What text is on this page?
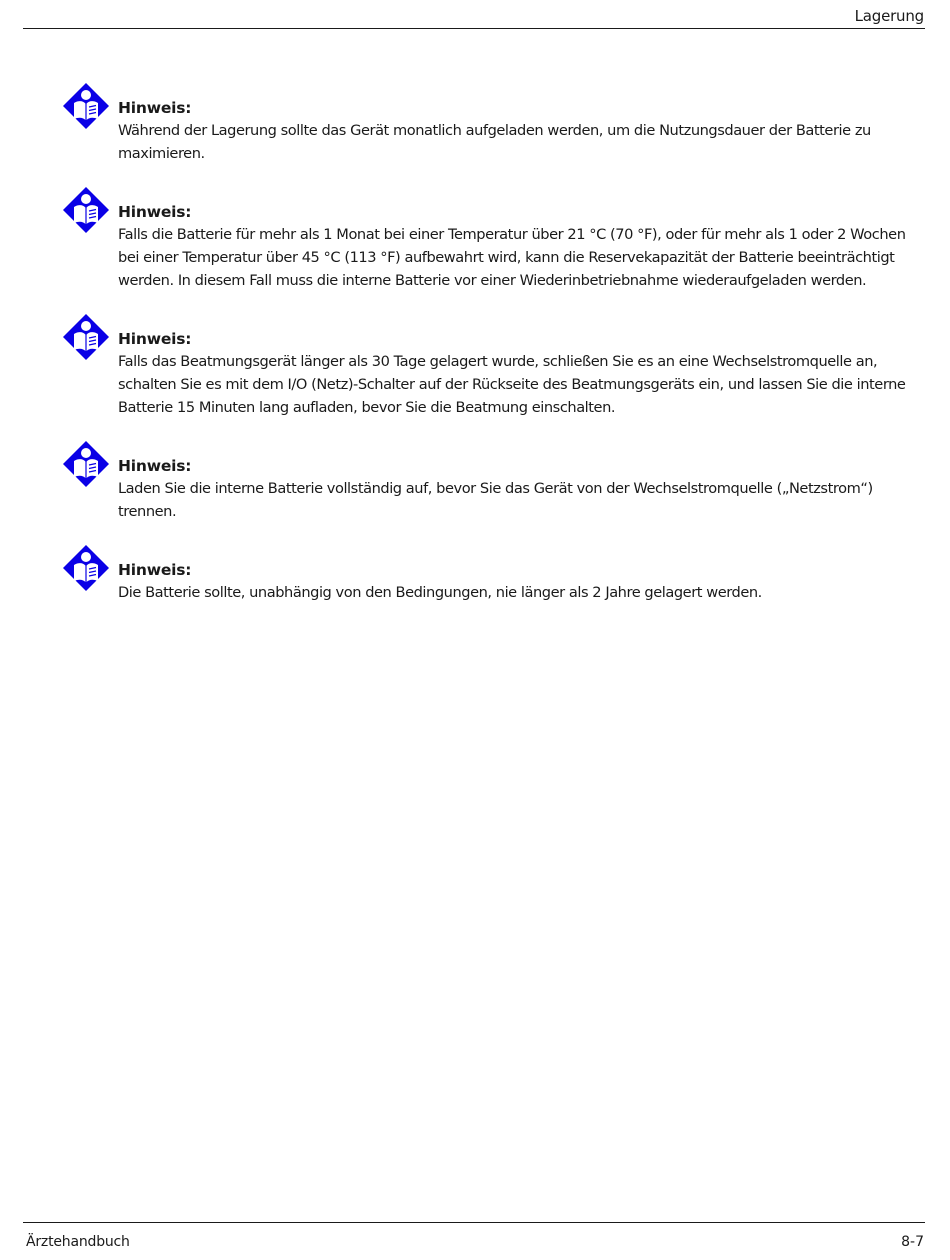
Lagerung
Hinweis:
Während der Lagerung sollte das Gerät monatlich aufgeladen werden, um die Nutzungsdauer der Batterie zu maximieren.
Hinweis:
Falls die Batterie für mehr als 1 Monat bei einer Temperatur über 21 °C (70 °F), oder für mehr als 1 oder 2 Wochen bei einer Temperatur über 45 °C (113 °F) aufbewahrt wird, kann die Reservekapazität der Batterie beeinträchtigt werden. In diesem Fall muss die interne Batterie vor einer Wiederinbetriebnahme wiederaufgeladen werden.
Hinweis:
Falls das Beatmungsgerät länger als 30 Tage gelagert wurde, schließen Sie es an eine Wechselstromquelle an, schalten Sie es mit dem I/O (Netz)-Schalter auf der Rückseite des Beatmungsgeräts ein, und lassen Sie die interne Batterie 15 Minuten lang aufladen, bevor Sie die Beatmung einschalten.
Hinweis:
Laden Sie die interne Batterie vollständig auf, bevor Sie das Gerät von der Wechselstromquelle („Netzstrom“) trennen.
Hinweis:
Die Batterie sollte, unabhängig von den Bedingungen, nie länger als 2 Jahre gelagert werden.
Ärztehandbuch	8-7
